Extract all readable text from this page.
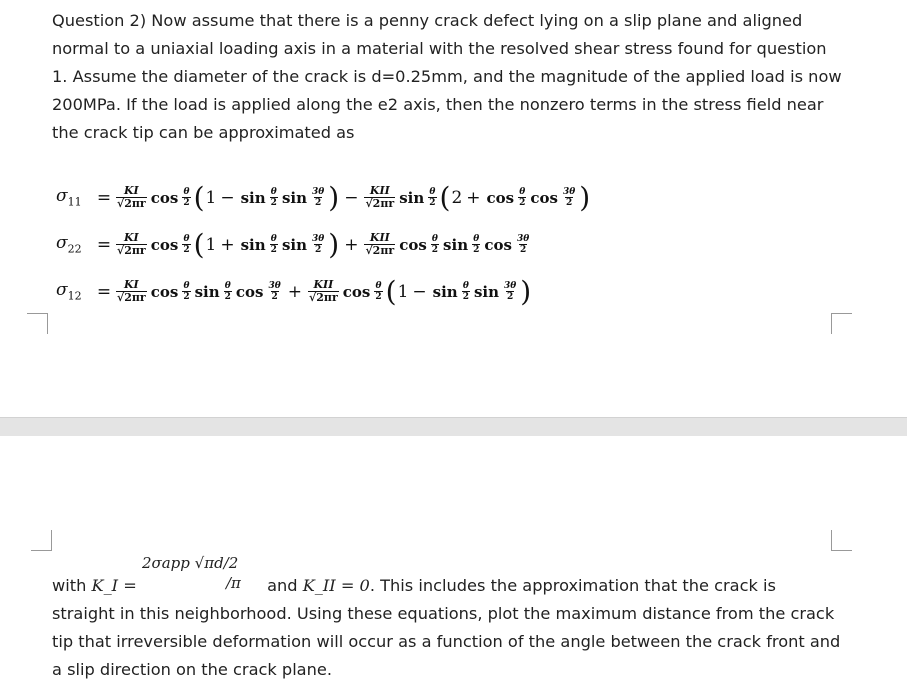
Question 2) Now assume that there is a penny crack defect lying on a slip plane and aligned normal to a uniaxial loading axis in a material with the resolved shear stress found for question 1. Assume the diameter of the crack is d=0.25mm, and the magnitude of the applied load is now 200MPa. If the load is applied along the e2 axis, then the nonzero terms in the stress field near the crack tip can be approximated as

$\sigma_{11} = \frac{KI}{√2\pi r}$ $\cos \frac{\theta}{2}$ ( $1 - \sin \frac{\theta}{2}$ $\sin \frac{3\theta}{2}$ ) − $\frac{\text{KII}}{√2\pi r}$ $\sin \frac{\theta}{2}$ ( $2 + \cos \frac{\theta}{2}$ $\cos \frac{3\theta}{2}$ )
$\sigma_{22} = \frac{KI}{√2\pi r}$ $\cos \frac{\theta}{2}$ ( $1 + \sin \frac{\theta}{2}$ $\sin \frac{3\theta}{2}$ ) + $\frac{\text{KII}}{√2\pi r}$ $\cos \frac{\theta}{2}$ $\sin \frac{\theta}{2}$ $\cos \frac{3\theta}{2}$
$\sigma_{12} = \frac{KI}{√2\pi r}$ $\cos \frac{\theta}{2}$ $\sin \frac{\theta}{2}$ $\cos \frac{3\theta}{2} + \frac{\text{KII}}{√2\pi r}$ $\cos \frac{\theta}{2}$ ( $1 - \sin \frac{\theta}{2}$ $\sin \frac{3\theta}{2}$ )

with K_I =
2σapp √πd/2
/π and K_II = 0. This includes the approximation that the crack is straight in this neighborhood. Using these equations, plot the maximum distance from the crack tip that irreversible deformation will occur as a function of the angle between the crack front and a slip direction on the crack plane.
